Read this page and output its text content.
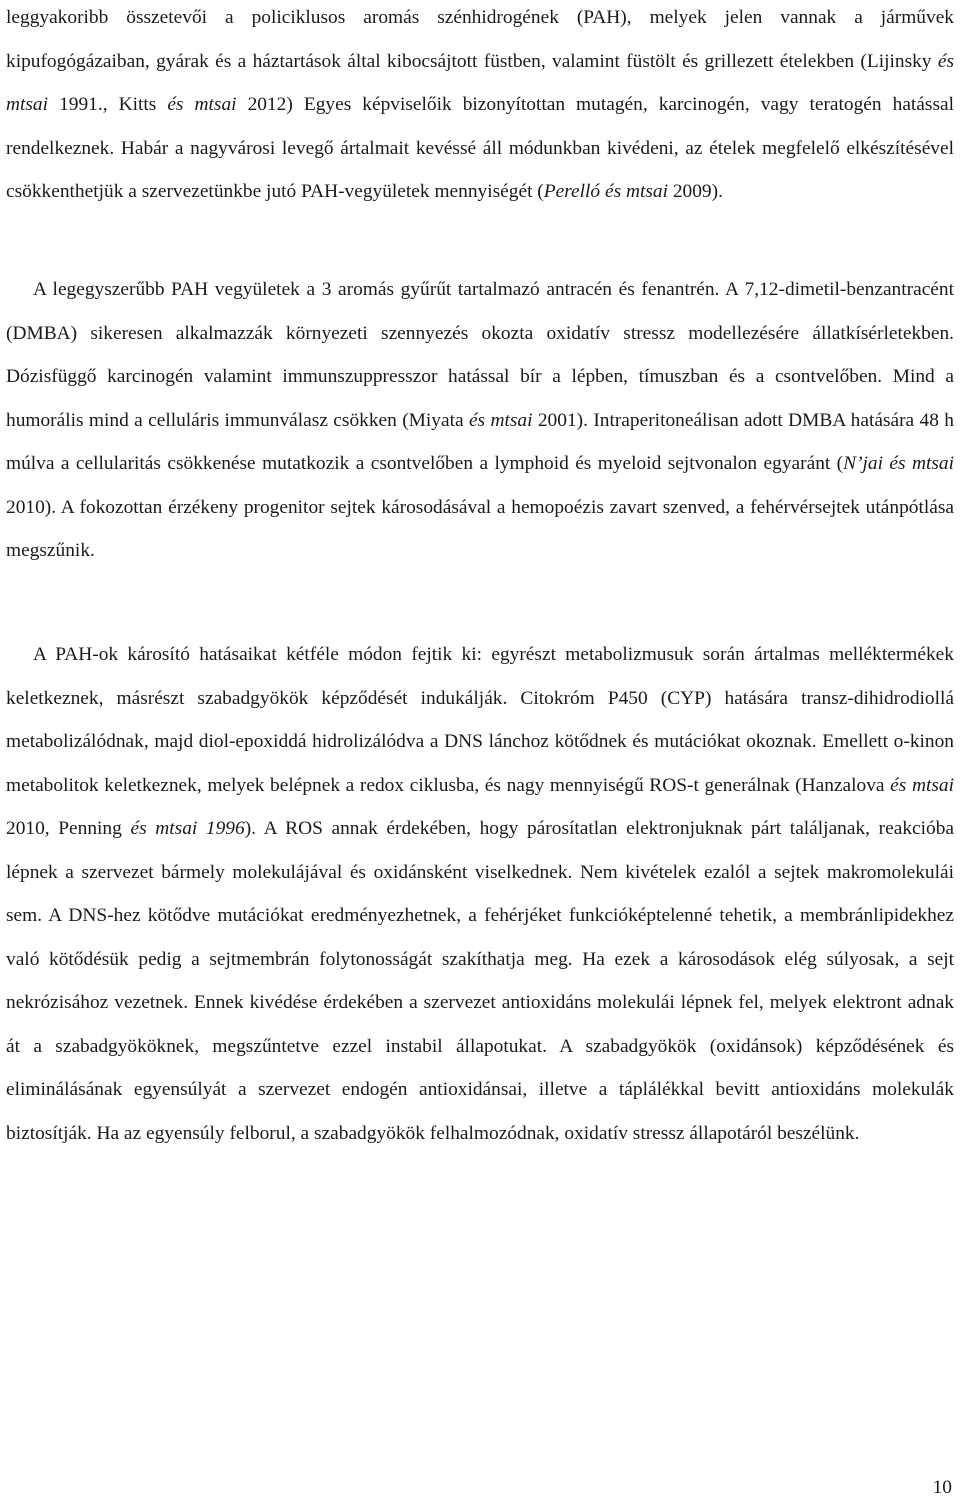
leggyakoribb összetevői a policiklusos aromás szénhidrogének (PAH), melyek jelen vannak a járművek kipufogógázaiban, gyárak és a háztartások által kibocsájtott füstben, valamint füstölt és grillezett ételekben (Lijinsky és mtsai 1991., Kitts és mtsai 2012) Egyes képviselőik bizonyítottan mutagén, karcinogén, vagy teratogén hatással rendelkeznek. Habár a nagyvárosi levegő ártalmait kevéssé áll módunkban kivédeni, az ételek megfelelő elkészítésével csökkenthetjük a szervezetünkbe jutó PAH-vegyületek mennyiségét (Perelló és mtsai 2009).

A legegyszerűbb PAH vegyületek a 3 aromás gyűrűt tartalmazó antracén és fenantrén. A 7,12-dimetil-benzantracént (DMBA) sikeresen alkalmazzák környezeti szennyezés okozta oxidatív stressz modellezésére állatkísérletekben. Dózisfüggő karcinogén valamint immunszuppresszor hatással bír a lépben, tímuszban és a csontvelőben. Mind a humorális mind a celluláris immunválasz csökken (Miyata és mtsai 2001). Intraperitoneálisan adott DMBA hatására 48 h múlva a cellularitás csökkenése mutatkozik a csontvelőben a lymphoid és myeloid sejtvonalon egyaránt (N’jai és mtsai 2010). A fokozottan érzékeny progenitor sejtek károsodásával a hemopoézis zavart szenved, a fehérvérsejtek utánpótlása megszűnik.

A PAH-ok károsító hatásaikat kétféle módon fejtik ki: egyrészt metabolizmusuk során ártalmas melléktermékek keletkeznek, másrészt szabadgyökök képződését indukálják. Citokróm P450 (CYP) hatására transz-dihidrodiollá metabolizálódnak, majd diol-epoxiddá hidrolizálódva a DNS lánchoz kötődnek és mutációkat okoznak. Emellett o-kinon metabolitok keletkeznek, melyek belépnek a redox ciklusba, és nagy mennyiségű ROS-t generálnak (Hanzalova és mtsai 2010, Penning és mtsai 1996). A ROS annak érdekében, hogy párosítatlan elektronjuknak párt találjanak, reakcióba lépnek a szervezet bármely molekulájával és oxidánsként viselkednek. Nem kivételek ezalól a sejtek makromolekulái sem. A DNS-hez kötődve mutációkat eredményezhetnek, a fehérjéket funkcióképtelenné tehetik, a membránlipidekhez való kötődésük pedig a sejtmembrán folytonosságát szakíthatja meg. Ha ezek a károsodások elég súlyosak, a sejt nekrózisához vezetnek. Ennek kivédése érdekében a szervezet antioxidáns molekulái lépnek fel, melyek elektront adnak át a szabadgyököknek, megszűntetve ezzel instabil állapotukat. A szabadgyökök (oxidánsok) képződésének és eliminálásának egyensúlyát a szervezet endogén antioxidánsai, illetve a táplálékkal bevitt antioxidáns molekulák biztosítják. Ha az egyensúly felborul, a szabadgyökök felhalmozódnak, oxidatív stressz állapotáról beszélünk.

10
